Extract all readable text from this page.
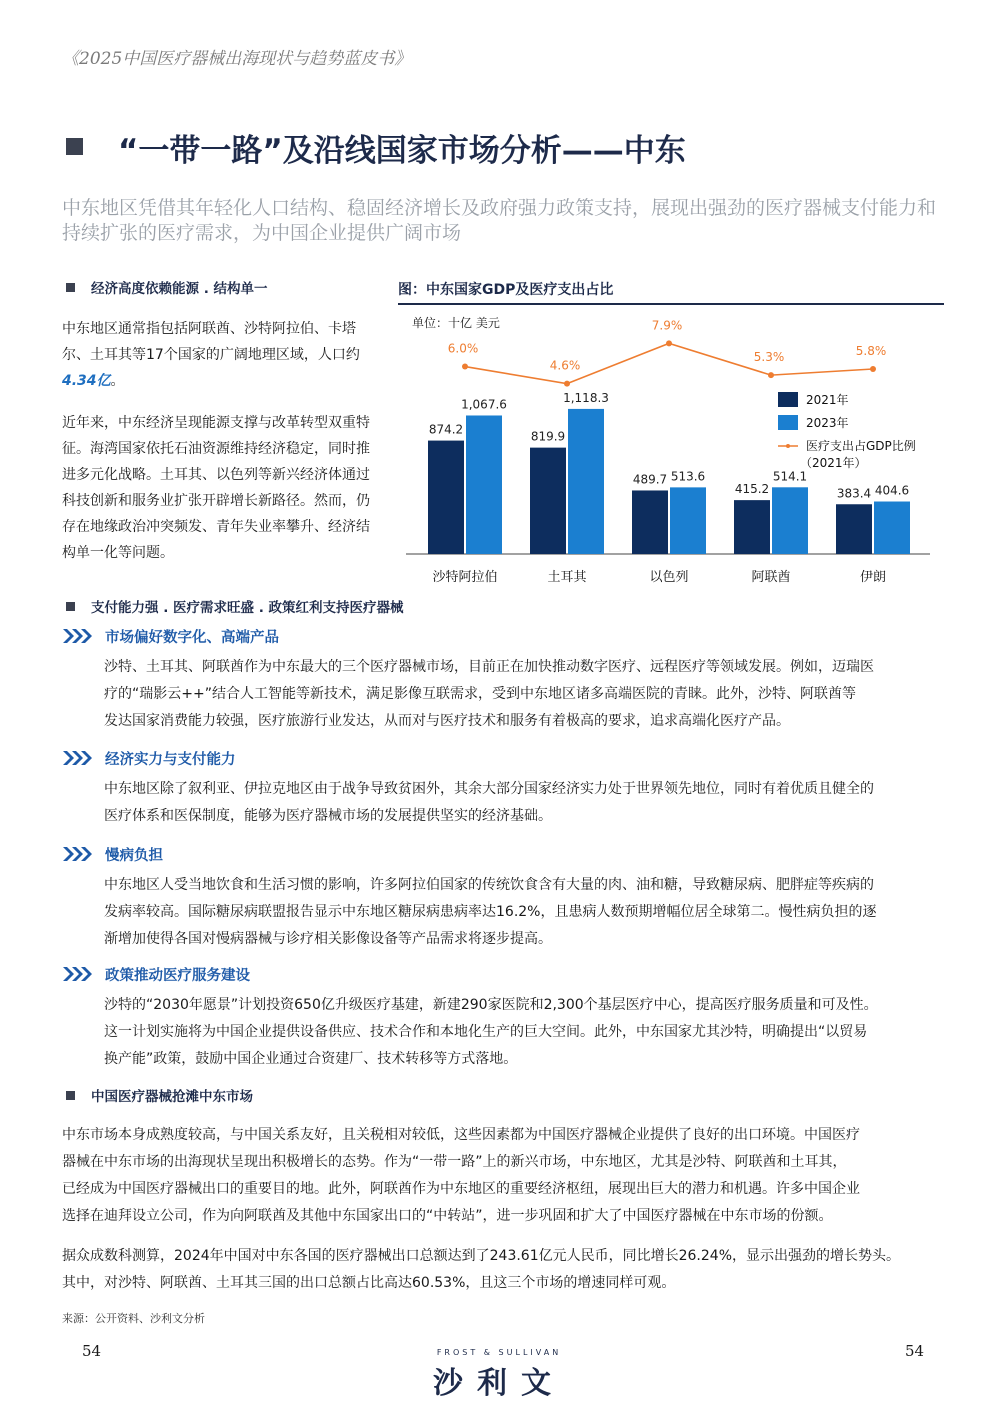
《2025中国医疗器械出海现状与趋势蓝皮书》
“一带一路”及沿线国家市场分析——中东
中东地区凭借其年轻化人口结构、稳固经济增长及政府强力政策支持，展现出强劲的医疗器械支付能力和持续扩张的医疗需求，为中国企业提供广阔市场
经济高度依赖能源 . 结构单一
中东地区通常指包括阿联酋、沙特阿拉伯、卡塔尔、土耳其等17个国家的广阔地理区域，人口约4.34亿。
近年来，中东经济呈现能源支撑与改革转型双重特征。海湾国家依托石油资源维持经济稳定，同时推进多元化战略。土耳其、以色列等新兴经济体通过科技创新和服务业扩张开辟增长新路径。然而，仍存在地缘政治冲突频发、青年失业率攀升、经济结构单一化等问题。
图：中东国家GDP及医疗支出占比
单位：十亿 美元
874.2
1,067.6
沙特阿拉伯
819.9
1,118.3
土耳其
489.7 513.6
以色列
415.2
514.1
阿联酋
383.4 404.6
伊朗
6.0%
4.6%
7.9%
5.3%	5.8%
2021年
2023年
医疗支出占GDP比例
（2021年）
支付能力强 . 医疗需求旺盛 . 政策红利支持医疗器械
市场偏好数字化、高端产品
沙特、土耳其、阿联酋作为中东最大的三个医疗器械市场，目前正在加快推动数字医疗、远程医疗等领域发展。例如，迈瑞医
疗的“瑞影云++”结合人工智能等新技术，满足影像互联需求，受到中东地区诸多高端医院的青睐。此外，沙特、阿联酋等
发达国家消费能力较强，医疗旅游行业发达，从而对与医疗技术和服务有着极高的要求，追求高端化医疗产品。
经济实力与支付能力
中东地区除了叙利亚、伊拉克地区由于战争导致贫困外，其余大部分国家经济实力处于世界领先地位，同时有着优质且健全的
医疗体系和医保制度，能够为医疗器械市场的发展提供坚实的经济基础。
慢病负担
中东地区人受当地饮食和生活习惯的影响，许多阿拉伯国家的传统饮食含有大量的肉、油和糖，导致糖尿病、肥胖症等疾病的
发病率较高。国际糖尿病联盟报告显示中东地区糖尿病患病率达16.2%，且患病人数预期增幅位居全球第二。慢性病负担的逐
渐增加使得各国对慢病器械与诊疗相关影像设备等产品需求将逐步提高。
政策推动医疗服务建设
沙特的“2030年愿景”计划投资650亿升级医疗基建，新建290家医院和2,300个基层医疗中心，提高医疗服务质量和可及性。
这一计划实施将为中国企业提供设备供应、技术合作和本地化生产的巨大空间。此外，中东国家尤其沙特，明确提出“以贸易
换产能”政策，鼓励中国企业通过合资建厂、技术转移等方式落地。
中国医疗器械抢滩中东市场
中东市场本身成熟度较高，与中国关系友好，且关税相对较低，这些因素都为中国医疗器械企业提供了良好的出口环境。中国医疗
器械在中东市场的出海现状呈现出积极增长的态势。作为“一带一路”上的新兴市场，中东地区，尤其是沙特、阿联酋和土耳其，
已经成为中国医疗器械出口的重要目的地。此外，阿联酋作为中东地区的重要经济枢纽，展现出巨大的潜力和机遇。许多中国企业
选择在迪拜设立公司，作为向阿联酋及其他中东国家出口的“中转站”，进一步巩固和扩大了中国医疗器械在中东市场的份额。
据众成数科测算，2024年中国对中东各国的医疗器械出口总额达到了243.61亿元人民币，同比增长26.24%，显示出强劲的增长势头。
其中，对沙特、阿联酋、土耳其三国的出口总额占比高达60.53%，且这三个市场的增速同样可观。
来源：公开资料、沙利文分析
54	54
FROST & SULLIVAN
沙利文
